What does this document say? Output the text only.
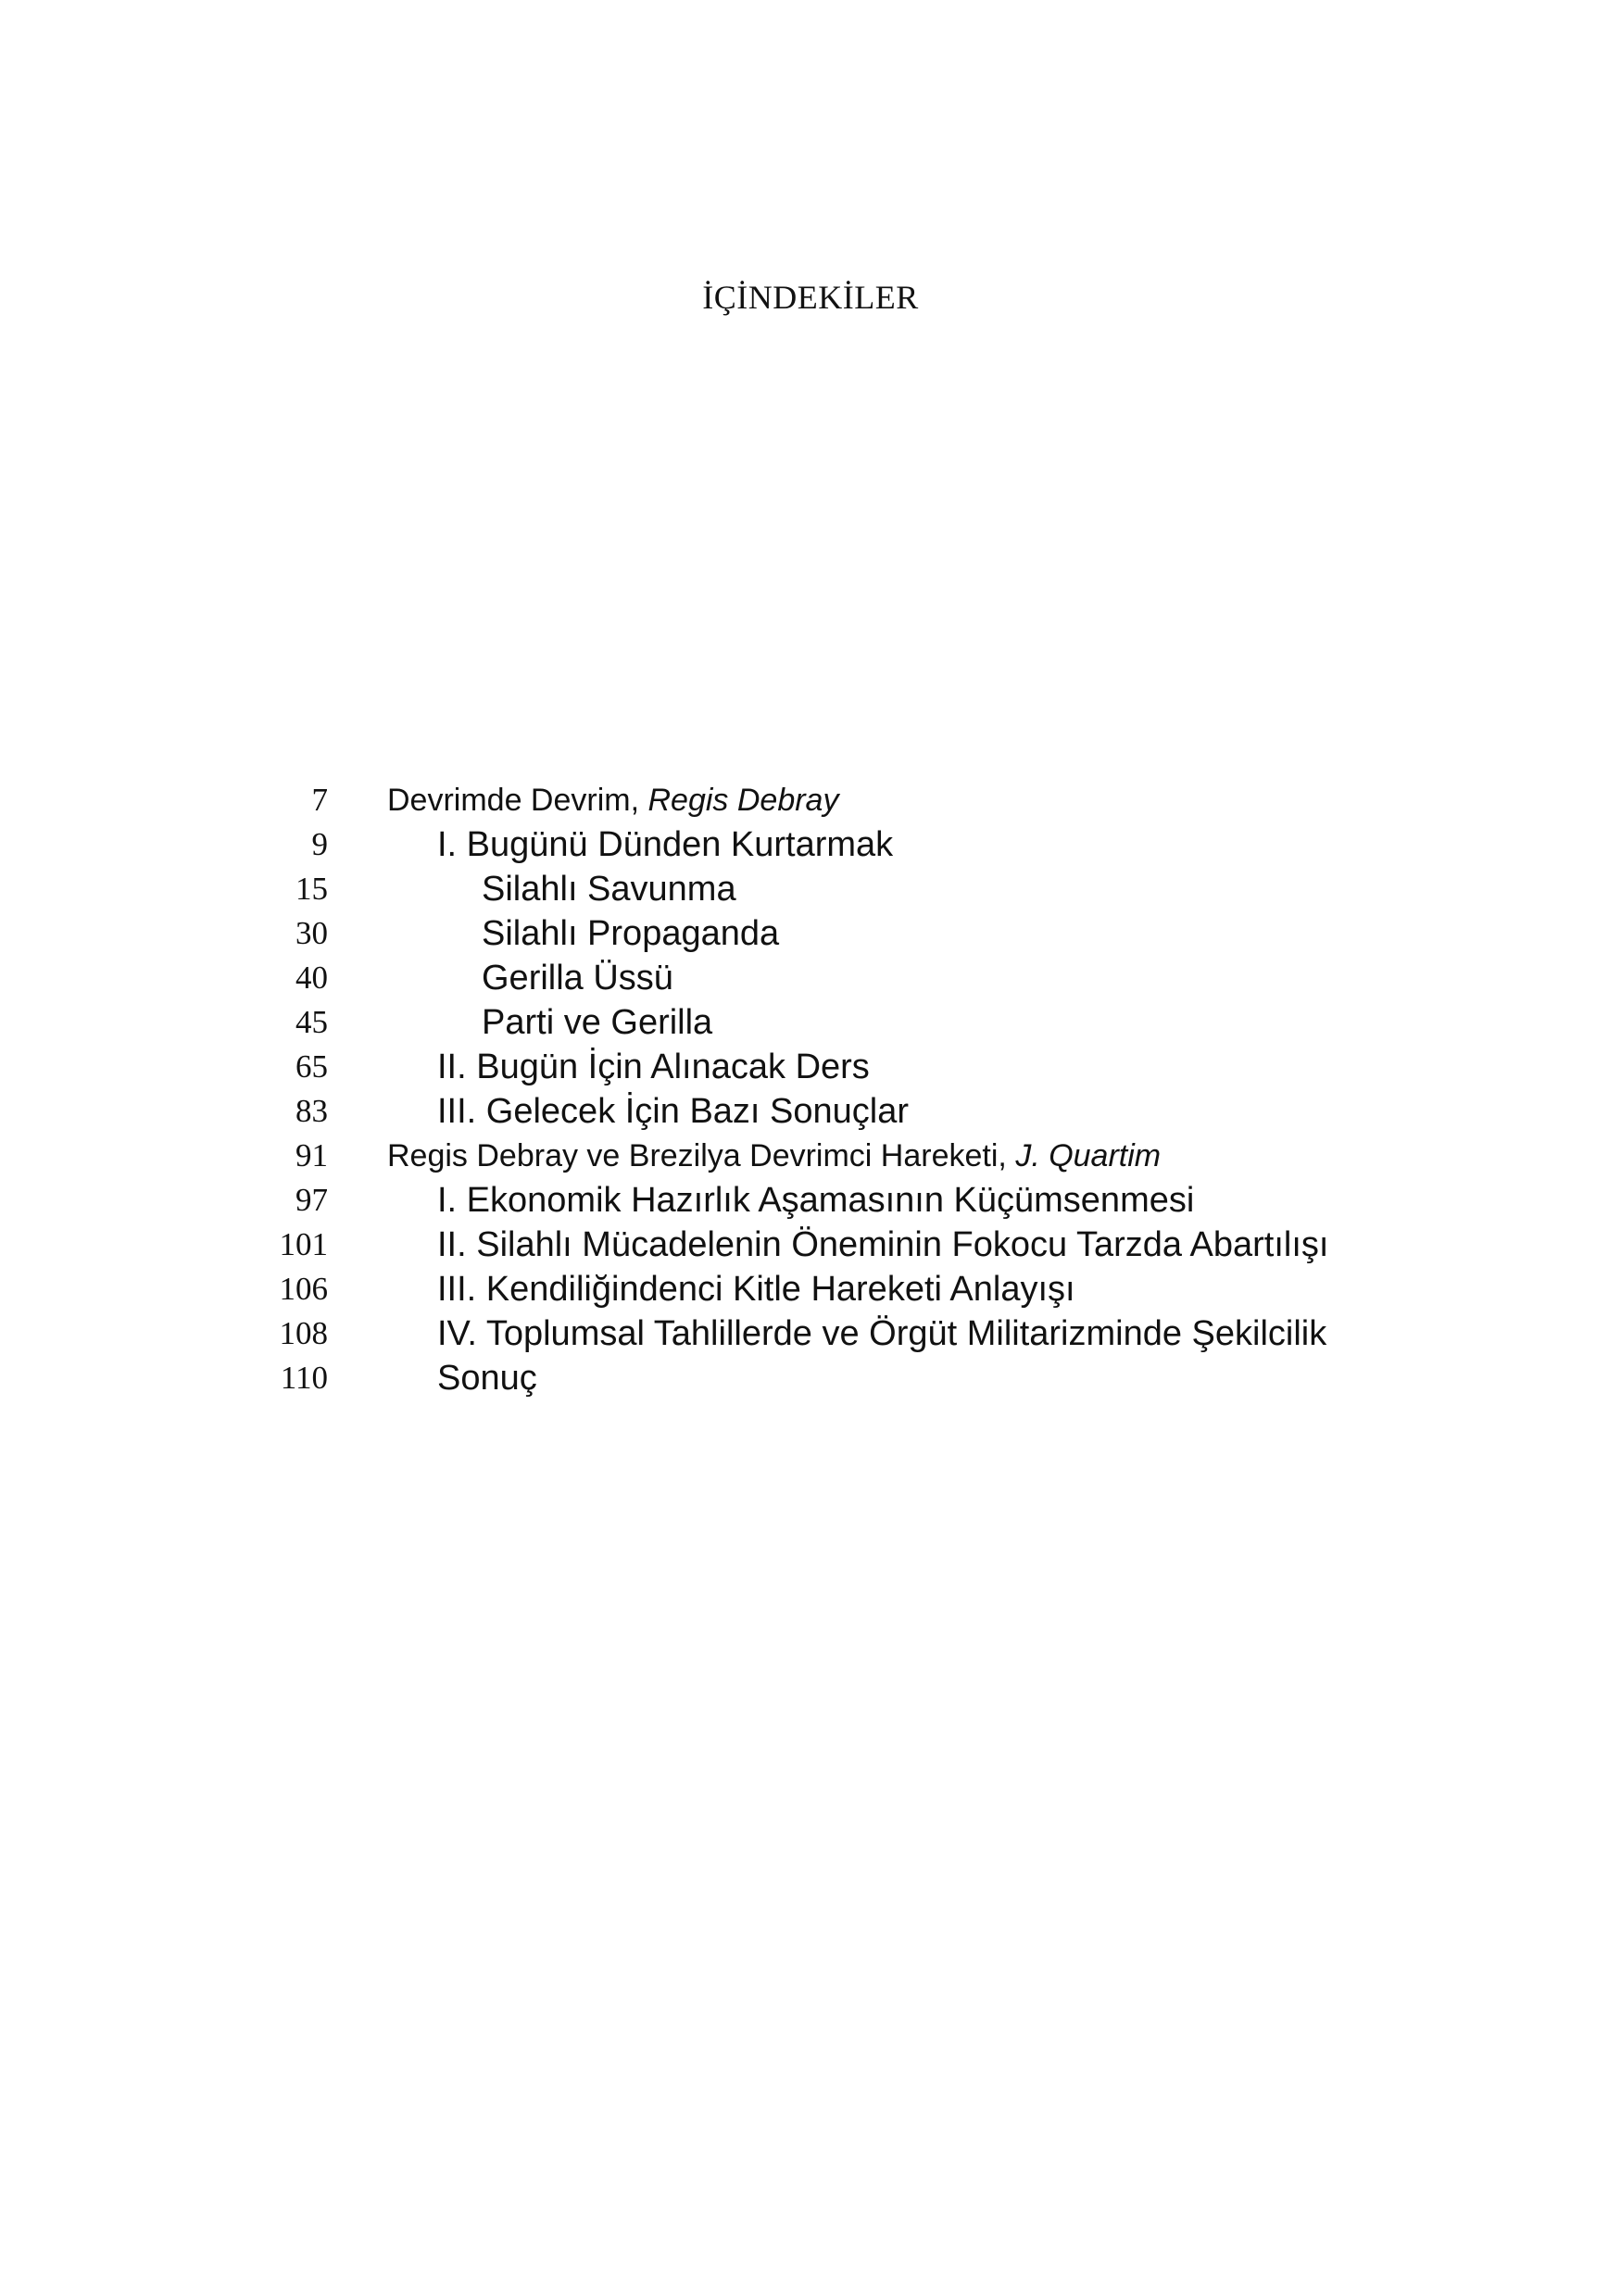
İÇİNDEKİLER
7 Devrimde Devrim, Regis Debray
9	I. Bugünü Dünden Kurtarmak
15	Silahlı Savunma
30	Silahlı Propaganda
40	Gerilla Üssü
45	Parti ve Gerilla
65	II. Bugün İçin Alınacak Ders
83	III. Gelecek İçin Bazı Sonuçlar
91 Regis Debray ve Brezilya Devrimci Hareketi, J. Quartim
97	I. Ekonomik Hazırlık Aşamasının Küçümsenmesi
101	II. Silahlı Mücadelenin Öneminin Fokocu Tarzda Abartılışı
106	III. Kendiliğindenci Kitle Hareketi Anlayışı
108	IV. Toplumsal Tahlillerde ve Örgüt Militarizminde Şekilcilik
110	Sonuç
